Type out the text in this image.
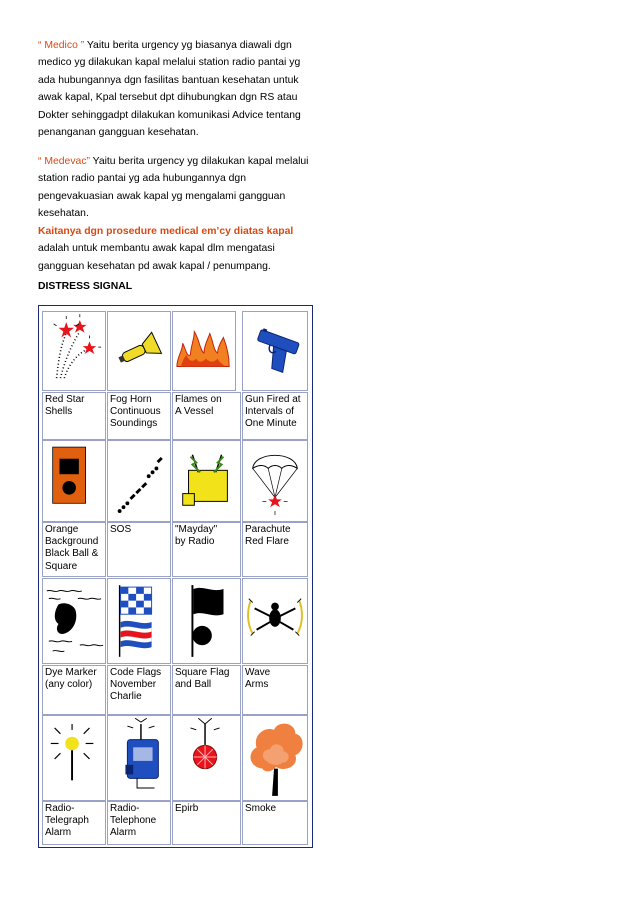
“ Medico ” Yaitu berita urgency yg biasanya diawali dgn medico yg dilakukan kapal melalui station radio pantai yg ada hubungannya dgn fasilitas bantuan kesehatan untuk awak kapal, Kpal tersebut dpt dihubungkan dgn RS atau Dokter sehinggadpt dilakukan komunikasi Advice tentang penanganan gangguan kesehatan.
“ Medevac” Yaitu berita urgency yg dilakukan kapal melalui station radio pantai yg ada hubungannya dgn pengevakuasian awak kapal yg mengalami gangguan kesehatan.
Kaitanya dgn prosedure medical em’cy diatas kapal adalah untuk membantu awak kapal dlm mengatasi gangguan kesehatan pd awak kapal / penumpang.
DISTRESS SIGNAL
Red Star
Shells
Fog Horn
Continuous
Soundings
Flames on
A Vessel
Gun Fired at
Intervals of
One Minute
Orange
Background
Black Ball &
Square
SOS	"Mayday"
by Radio
Parachute
Red Flare
Dye Marker
(any color)
Code Flags
November
Charlie
Square Flag
and Ball
Wave
Arms
Radio-
Telegraph
Alarm
Radio-
Telephone
Alarm
Epirb	Smoke
